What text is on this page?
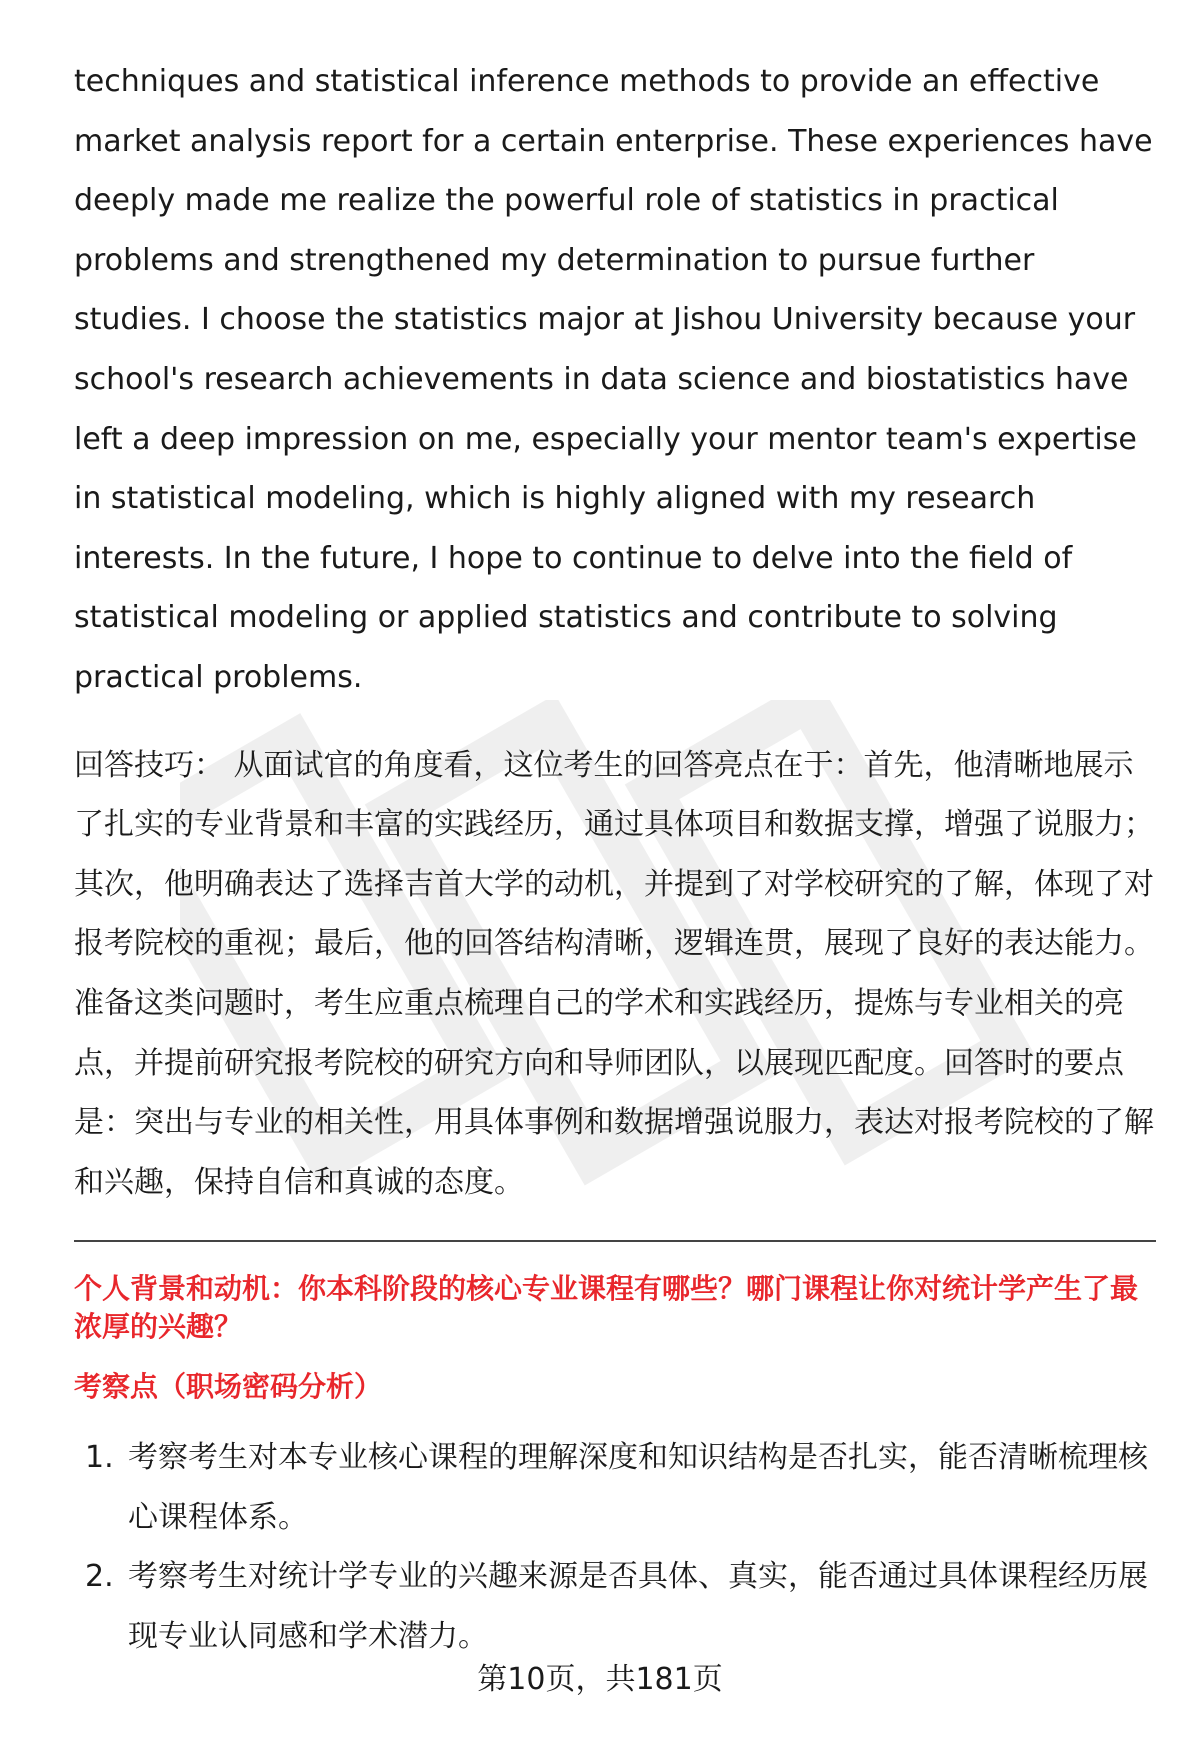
techniques and statistical inference methods to provide an effective market analysis report for a certain enterprise. These experiences have deeply made me realize the powerful role of statistics in practical problems and strengthened my determination to pursue further studies. I choose the statistics major at Jishou University because your school's research achievements in data science and biostatistics have left a deep impression on me, especially your mentor team's expertise in statistical modeling, which is highly aligned with my research interests. In the future, I hope to continue to delve into the field of statistical modeling or applied statistics and contribute to solving practical problems.

回答技巧： 从面试官的角度看，这位考生的回答亮点在于：首先，他清晰地展示了扎实的专业背景和丰富的实践经历，通过具体项目和数据支撑，增强了说服力；其次，他明确表达了选择吉首大学的动机，并提到了对学校研究的了解，体现了对报考院校的重视；最后，他的回答结构清晰，逻辑连贯，展现了良好的表达能力。准备这类问题时，考生应重点梳理自己的学术和实践经历，提炼与专业相关的亮点，并提前研究报考院校的研究方向和导师团队，以展现匹配度。回答时的要点是：突出与专业的相关性，用具体事例和数据增强说服力，表达对报考院校的了解和兴趣，保持自信和真诚的态度。

个人背景和动机：你本科阶段的核心专业课程有哪些？哪门课程让你对统计学产生了最浓厚的兴趣？
考察点（职场密码分析）
1. 考察考生对本专业核心课程的理解深度和知识结构是否扎实，能否清晰梳理核心课程体系。
2. 考察考生对统计学专业的兴趣来源是否具体、真实，能否通过具体课程经历展现专业认同感和学术潜力。
第10页，共181页
